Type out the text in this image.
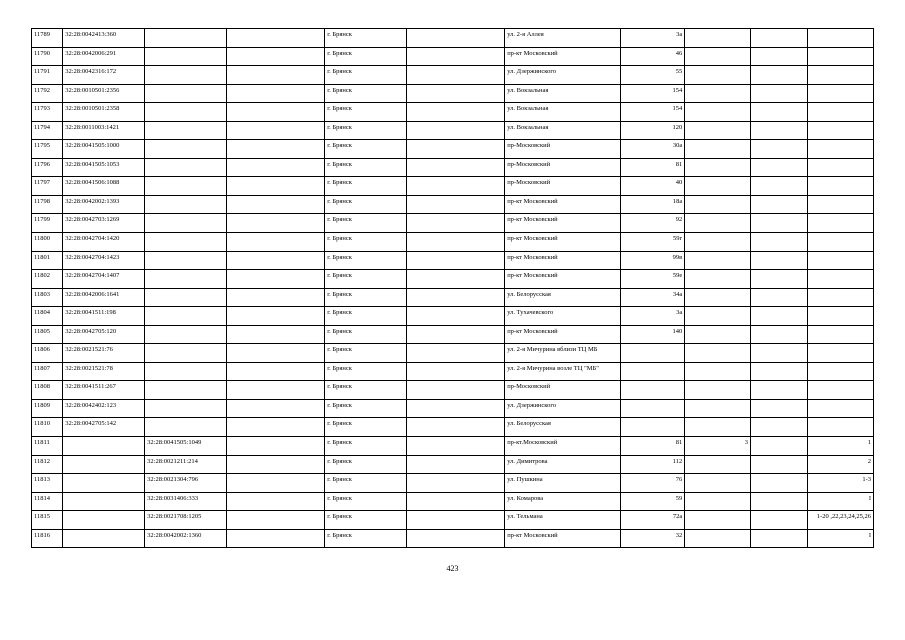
11789	32:28:0042413:360			г. Брянск		ул. 2-я Аллея	3а			
11790	32:28:0042006:291			г. Брянск		пр-кт Московский	46			
11791	32:28:0042316:172			г. Брянск		ул. Дзержинского	55			
11792	32:28:0010501:2356			г. Брянск		ул. Вокзальная	154			
11793	32:28:0010501:2358			г. Брянск		ул. Вокзальная	154			
11794	32:28:0011003:1421			г. Брянск		ул. Вокзальная	120			
11795	32:28:0041505:1000			г. Брянск		пр-Московский	30а			
11796	32:28:0041505:1053			г. Брянск		пр-Московский	81			
11797	32:28:0041506:1088			г. Брянск		пр-Московский	40			
11798	32:28:0042002:1393			г. Брянск		пр-кт Московский	18а			
11799	32:28:0042703:1269			г. Брянск		пр-кт Московский	92			
11800	32:28:0042704:1420			г. Брянск		пр-кт Московский	59г			
11801	32:28:0042704:1423			г. Брянск		пр-кт Московский	99в			
11802	32:28:0042704:1407			г. Брянск		пр-кт Московский	59е			
11803	32:28:0042006:1641			г. Брянск		ул. Белорусская	34а			
11804	32:28:0041511:198			г. Брянск		ул. Тухачевского	3а			
11805	32:28:0042705:120			г. Брянск		пр-кт Московский	140			
11806	32:28:0021521:76			г. Брянск		ул. 2-я Мичурина вблизи ТЦ МБ				
11807	32:28:0021521:78			г. Брянск		ул. 2-я Мичурина возле ТЦ "МБ"				
11808	32:28:0041511:267			г. Брянск		пр-Московский				
11809	32:28:0042402:123			г. Брянск		ул. Дзержинского				
11810	32:28:0042705:142			г. Брянск		ул. Белорусская				
11811		32:28:0041505:1049		г. Брянск		пр-кт.Московский	81	3		1
11812		32:28:0021211:214		г. Брянск		ул. Димитрова	112			2
11813		32:28:0021304:796		г. Брянск		ул. Пушкина	76			1-3
11814		32:28:0031406:333		г. Брянск		ул. Комарова	59			I
11815		32:28:0021708:1205		г. Брянск		ул. Тельмана	72а			1-20 ,22,23,24,25,26
11816		32:28:0042002:1360		г. Брянск		пр-кт Московский	32			I
423
